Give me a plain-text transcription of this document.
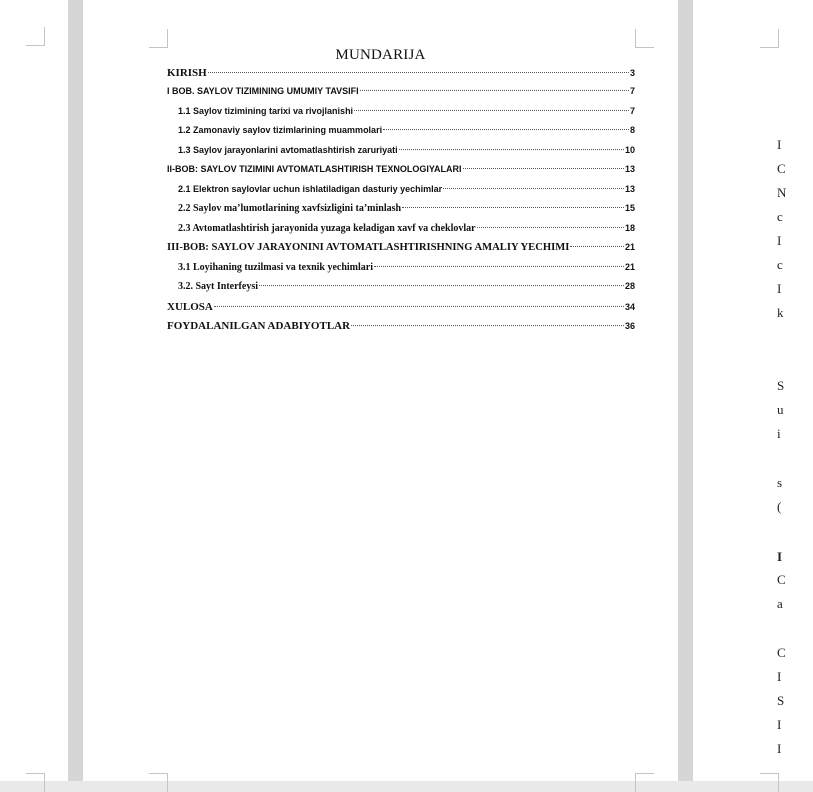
MUNDARIJA
KIRISH	3
I BOB. SAYLOV TIZIMINING UMUMIY TAVSIFI	7
1.1 Saylov tizimining tarixi va rivojlanishi	7
1.2 Zamonaviy saylov tizimlarining muammolari	8
1.3 Saylov jarayonlarini avtomatlashtirish zaruriyati	10
II-BOB: SAYLOV TIZIMINI AVTOMATLASHTIRISH TEXNOLOGIYALARI	13
2.1 Elektron saylovlar uchun ishlatiladigan dasturiy yechimlar	13
2.2 Saylov ma’lumotlarining xavfsizligini ta’minlash	15
2.3 Avtomatlashtirish jarayonida yuzaga keladigan xavf va cheklovlar	18
III-BOB: SAYLOV JARAYONINI AVTOMATLASHTIRISHNING AMALIY YECHIMI	21
3.1 Loyihaning tuzilmasi va texnik yechimlari	21
3.2. Sayt Interfeysi	28
XULOSA	34
FOYDALANILGAN ADABIYOTLAR	36
I
C
N
c
I
c
I
k
S
u
i
s
(
I
C
a
C
I
S
I
I
